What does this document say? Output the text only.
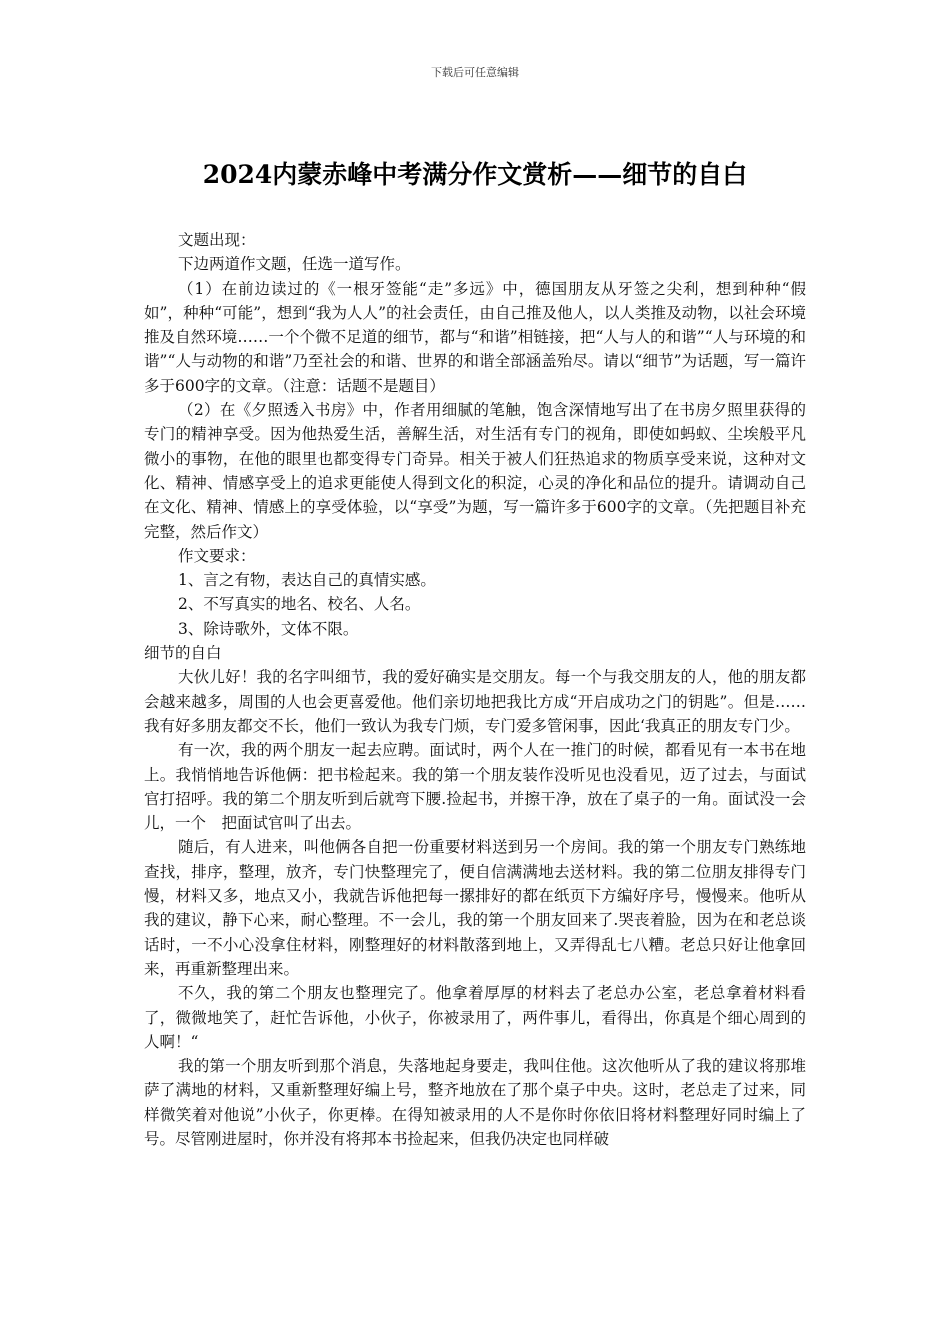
下载后可任意编辑
2024内蒙赤峰中考满分作文赏析——细节的自白

文题出现：

下边两道作文题，任选一道写作。

（1）在前边读过的《一根牙签能“走”多远》中，德国朋友从牙签之尖利，想到种种“假如”，种种“可能”，想到“我为人人”的社会责任，由自己推及他人，以人类推及动物，以社会环境推及自然环境……一个个微不足道的细节，都与“和谐”相链接，把“人与人的和谐”“人与环境的和谐”“人与动物的和谐”乃至社会的和谐、世界的和谐全部涵盖殆尽。请以“细节”为话题，写一篇许多于600字的文章。（注意：话题不是题目）

（2）在《夕照透入书房》中，作者用细腻的笔触，饱含深情地写出了在书房夕照里获得的专门的精神享受。因为他热爱生活，善解生活，对生活有专门的视角，即使如蚂蚁、尘埃般平凡微小的事物，在他的眼里也都变得专门奇异。相关于被人们狂热追求的物质享受来说，这种对文化、精神、情感享受上的追求更能使人得到文化的积淀，心灵的净化和品位的提升。请调动自己在文化、精神、情感上的享受体验，以“享受”为题，写一篇许多于600字的文章。（先把题目补充完整，然后作文）

作文要求：

1、言之有物，表达自己的真情实感。

2、不写真实的地名、校名、人名。

3、除诗歌外，文体不限。

细节的自白

大伙儿好！我的名字叫细节，我的爱好确实是交朋友。每一个与我交朋友的人，他的朋友都会越来越多，周围的人也会更喜爱他。他们亲切地把我比方成“开启成功之门的钥匙”。但是……我有好多朋友都交不长，他们一致认为我专门烦，专门爱多管闲事，因此‘我真正的朋友专门少。

有一次，我的两个朋友一起去应聘。面试时，两个人在一推门的时候，都看见有一本书在地上。我悄悄地告诉他俩：把书检起来。我的第一个朋友装作没听见也没看见，迈了过去，与面试官打招呼。我的第二个朋友听到后就弯下腰.捡起书，并擦干净，放在了桌子的一角。面试没一会儿，一个　把面试官叫了出去。

随后，有人进来，叫他俩各自把一份重要材料送到另一个房间。我的第一个朋友专门熟练地查找，排序，整理，放齐，专门快整理完了，便自信满满地去送材料。我的第二位朋友排得专门慢，材料又多，地点又小，我就告诉他把每一摞排好的都在纸页下方编好序号，慢慢来。他听从我的建议，静下心来，耐心整理。不一会儿，我的第一个朋友回来了.哭丧着脸，因为在和老总谈话时，一不小心没拿住材料，刚整理好的材料散落到地上，又弄得乱七八糟。老总只好让他拿回来，再重新整理出来。

不久，我的第二个朋友也整理完了。他拿着厚厚的材料去了老总办公室，老总拿着材料看了，微微地笑了，赶忙告诉他，小伙子，你被录用了，两件事儿，看得出，你真是个细心周到的人啊！“

我的第一个朋友听到那个消息，失落地起身要走，我叫住他。这次他听从了我的建议将那堆萨了满地的材料，又重新整理好编上号，整齐地放在了那个桌子中央。这时，老总走了过来，同样微笑着对他说”小伙子，你更棒。在得知被录用的人不是你时你依旧将材料整理好同时编上了号。尽管刚进屋时，你并没有将邦本书捡起来，但我仍决定也同样破
